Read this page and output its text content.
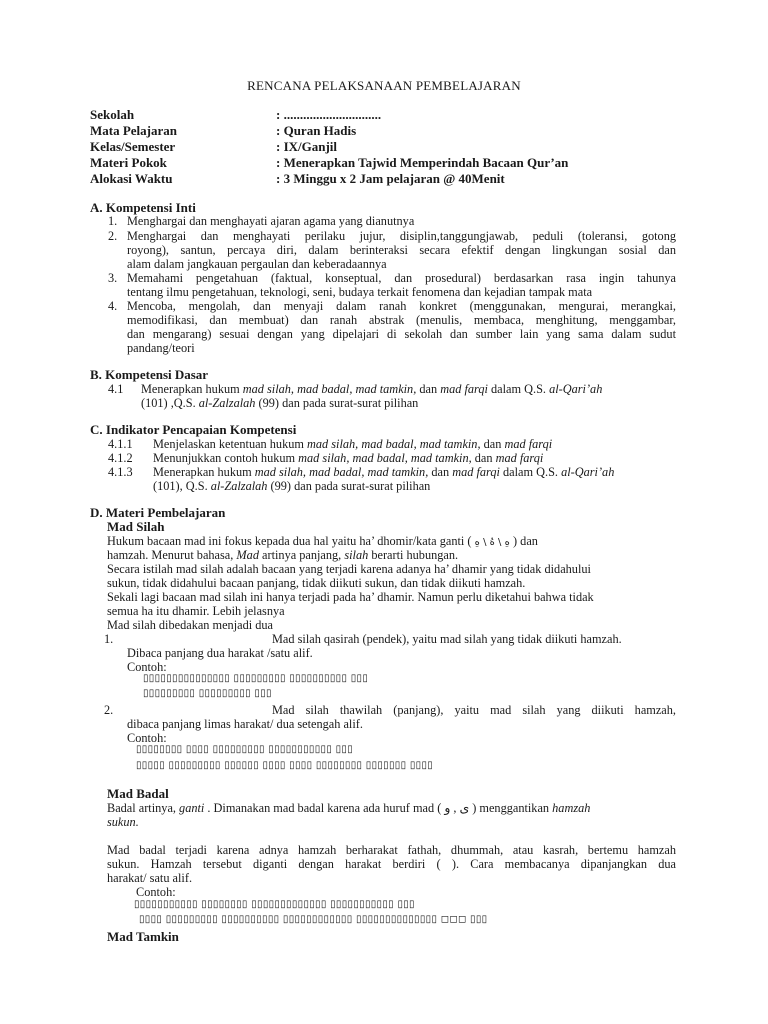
RENCANA PELAKSANAAN PEMBELAJARAN
Sekolah	: ..............................
Mata Pelajaran	: Quran Hadis
Kelas/Semester	: IX/Ganjil
Materi Pokok	: Menerapkan Tajwid Memperindah Bacaan Qur’an
Alokasi Waktu	: 3 Minggu x 2 Jam pelajaran @ 40Menit
A. Kompetensi Inti
1. Menghargai dan menghayati ajaran agama yang dianutnya
2. Menghargai dan menghayati perilaku jujur, disiplin,tanggungjawab, peduli (toleransi, gotong
royong), santun, percaya diri, dalam berinteraksi secara efektif dengan lingkungan sosial dan
alam dalam jangkauan pergaulan dan keberadaannya
3. Memahami pengetahuan (faktual, konseptual, dan prosedural) berdasarkan rasa ingin tahunya
tentang ilmu pengetahuan, teknologi, seni, budaya terkait fenomena dan kejadian tampak mata
4. Mencoba, mengolah, dan menyaji dalam ranah konkret (menggunakan, mengurai, merangkai,
memodifikasi, dan membuat) dan ranah abstrak (menulis, membaca, menghitung, menggambar,
dan mengarang) sesuai dengan yang dipelajari di sekolah dan sumber lain yang sama dalam sudut
pandang/teori
B. Kompetensi Dasar
4.1 Menerapkan hukum mad silah, mad badal, mad tamkin, dan mad farqi dalam Q.S. al-Qari’ah
(101) ,Q.S. al-Zalzalah (99) dan pada surat-surat pilihan
C. Indikator Pencapaian Kompetensi
4.1.1 Menjelaskan ketentuan hukum mad silah, mad badal, mad tamkin, dan mad farqi
4.1.2 Menunjukkan contoh hukum mad silah, mad badal, mad tamkin, dan mad farqi
4.1.3 Menerapkan hukum mad silah, mad badal, mad tamkin, dan mad farqi dalam Q.S. al-Qari’ah
(101), Q.S. al-Zalzalah (99) dan pada surat-surat pilihan
D. Materi Pembelajaran
Mad Silah
Hukum bacaan mad ini fokus kepada dua hal yaitu ha’ dhomir/kata ganti ( هِ \ هُ \ هِ ) dan
hamzah. Menurut bahasa, Mad artinya panjang, silah berarti hubungan.
Secara istilah mad silah adalah bacaan yang terjadi karena adanya ha’ dhamir yang tidak didahului
sukun, tidak didahului bacaan panjang, tidak diikuti sukun, dan tidak diikuti hamzah.
Sekali lagi bacaan mad silah ini hanya terjadi pada ha’ dhamir. Namun perlu diketahui bahwa tidak
semua ha itu dhamir. Lebih jelasnya
Mad silah dibedakan menjadi dua
1.	Mad silah qasirah (pendek), yaitu mad silah yang tidak diikuti hamzah.
Dibaca panjang dua harakat /satu alif.
Contoh:
▯▯▯▯▯▯▯▯▯▯▯▯▯▯▯ ▯▯▯▯▯▯▯▯▯ ▯▯▯▯▯▯▯▯▯▯ ▯▯▯
▯▯▯▯▯▯▯▯▯ ▯▯▯▯▯▯▯▯▯ ▯▯▯
2.	Mad silah thawilah (panjang), yaitu mad silah yang diikuti hamzah,
dibaca panjang limas harakat/ dua setengah alif.
Contoh:
▯▯▯▯▯▯▯▯ ▯▯▯▯ ▯▯▯▯▯▯▯▯▯ ▯▯▯▯▯▯▯▯▯▯▯ ▯▯▯
▯▯▯▯▯ ▯▯▯▯▯▯▯▯▯ ▯▯▯▯▯▯ ▯▯▯▯ ▯▯▯▯ ▯▯▯▯▯▯▯▯ ▯▯▯▯▯▯▯ ▯▯▯▯
Mad Badal
Badal artinya, ganti . Dimanakan mad badal karena ada huruf mad ( ى , و ) menggantikan hamzah
sukun.
Mad badal terjadi karena adnya hamzah berharakat fathah, dhummah, atau kasrah, bertemu hamzah
sukun. Hamzah tersebut diganti dengan harakat berdiri ( ). Cara membacanya dipanjangkan dua
harakat/ satu alif.
Contoh:
▯▯▯▯▯▯▯▯▯▯▯ ▯▯▯▯▯▯▯▯ ▯▯▯▯▯▯▯▯▯▯▯▯▯ ▯▯▯▯▯▯▯▯▯▯▯ ▯▯▯
▯▯▯▯ ▯▯▯▯▯▯▯▯▯ ▯▯▯▯▯▯▯▯▯▯ ▯▯▯▯▯▯▯▯▯▯▯▯ ▯▯▯▯▯▯▯▯▯▯▯▯▯▯ ◻◻◻ ▯▯▯
Mad Tamkin
